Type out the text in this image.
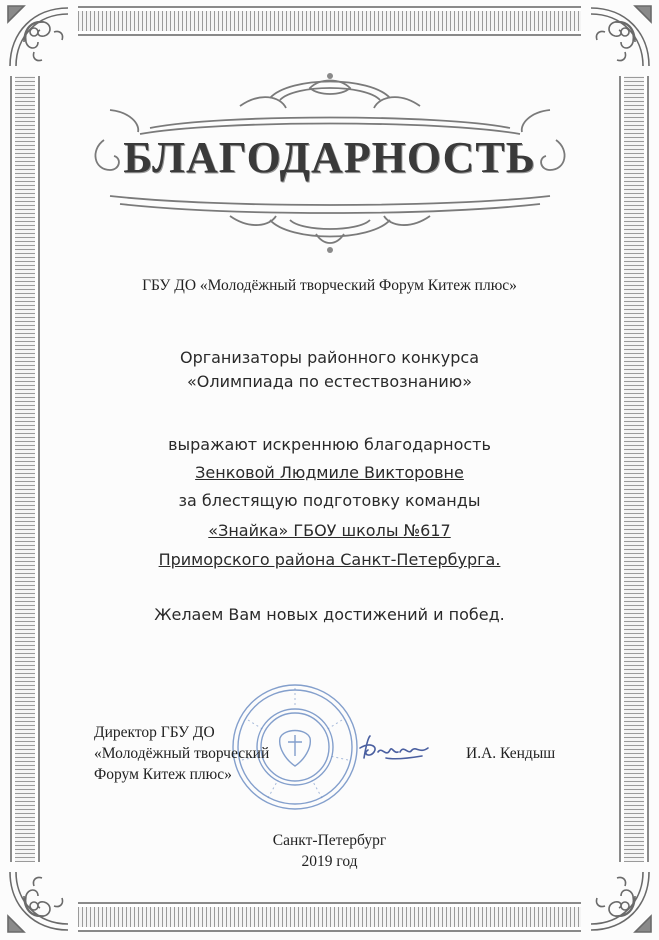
БЛАГОДАРНОСТЬ
ГБУ ДО «Молодёжный творческий Форум Китеж плюс»
Организаторы районного конкурса
«Олимпиада по естествознанию»
выражают искреннюю благодарность
Зенковой Людмиле Викторовне
за блестящую подготовку команды
«Знайка» ГБОУ школы №617
Приморского района Санкт-Петербурга.
Желаем Вам новых достижений и побед.
Директор ГБУ ДО
«Молодёжный творческий
Форум Китеж плюс»
И.А. Кендыш
Санкт-Петербург
2019 год
